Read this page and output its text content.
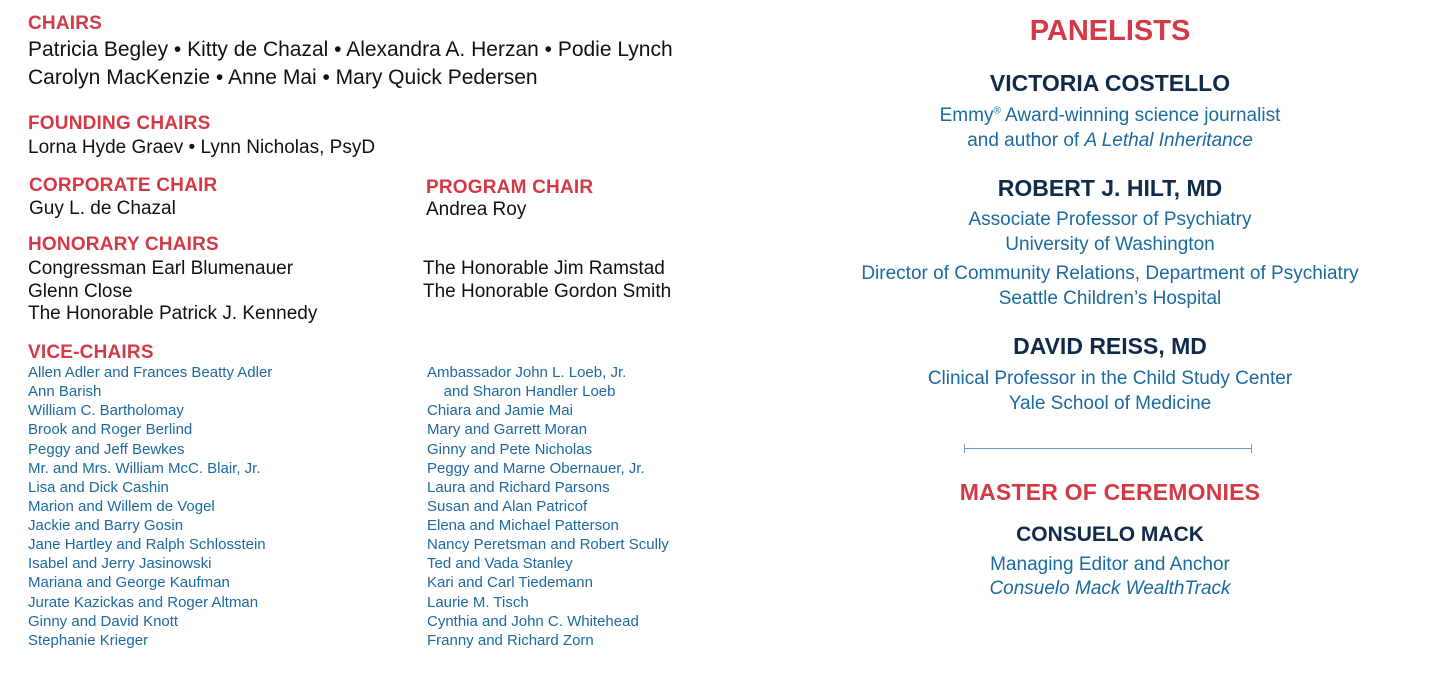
CHAIRS
Patricia Begley • Kitty de Chazal • Alexandra A. Herzan • Podie Lynch
Carolyn MacKenzie • Anne Mai • Mary Quick Pedersen
FOUNDING CHAIRS
Lorna Hyde Graev • Lynn Nicholas, PsyD
CORPORATE CHAIR
Guy L. de Chazal
PROGRAM CHAIR
Andrea Roy
HONORARY CHAIRS
Congressman Earl Blumenauer
Glenn Close
The Honorable Patrick J. Kennedy
The Honorable Jim Ramstad
The Honorable Gordon Smith
VICE-CHAIRS
Allen Adler and Frances Beatty Adler
Ann Barish
William C. Bartholomay
Brook and Roger Berlind
Peggy and Jeff Bewkes
Mr. and Mrs. William McC. Blair, Jr.
Lisa and Dick Cashin
Marion and Willem de Vogel
Jackie and Barry Gosin
Jane Hartley and Ralph Schlosstein
Isabel and Jerry Jasinowski
Mariana and George Kaufman
Jurate Kazickas and Roger Altman
Ginny and David Knott
Stephanie Krieger
Ambassador John L. Loeb, Jr.
and Sharon Handler Loeb
Chiara and Jamie Mai
Mary and Garrett Moran
Ginny and Pete Nicholas
Peggy and Marne Obernauer, Jr.
Laura and Richard Parsons
Susan and Alan Patricof
Elena and Michael Patterson
Nancy Peretsman and Robert Scully
Ted and Vada Stanley
Kari and Carl Tiedemann
Laurie M. Tisch
Cynthia and John C. Whitehead
Franny and Richard Zorn
PANELISTS
VICTORIA COSTELLO
Emmy® Award-winning science journalist
and author of A Lethal Inheritance
ROBERT J. HILT, MD
Associate Professor of Psychiatry
University of Washington
Director of Community Relations, Department of Psychiatry
Seattle Children’s Hospital
DAVID REISS, MD
Clinical Professor in the Child Study Center
Yale School of Medicine
MASTER OF CEREMONIES
CONSUELO MACK
Managing Editor and Anchor
Consuelo Mack WealthTrack
